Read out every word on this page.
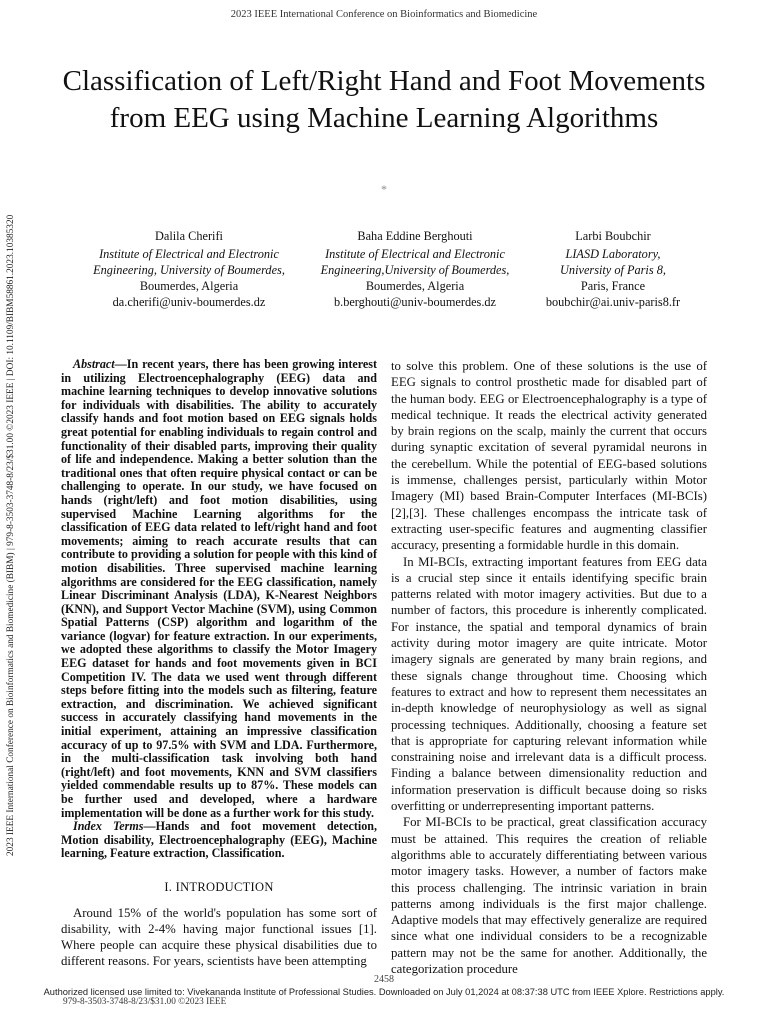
2023 IEEE International Conference on Bioinformatics and Biomedicine
2023 IEEE International Conference on Bioinformatics and Biomedicine (BIBM) | 979-8-3503-3748-8/23/$31.00 ©2023 IEEE | DOI: 10.1109/BIBM58861.2023.10385320
Classification of Left/Right Hand and Foot Movements from EEG using Machine Learning Algorithms
*
Dalila Cherifi
Institute of Electrical and Electronic
Engineering, University of Boumerdes,
Boumerdes, Algeria
da.cherifi@univ-boumerdes.dz
Baha Eddine Berghouti
Institute of Electrical and Electronic
Engineering,University of Boumerdes,
Boumerdes, Algeria
b.berghouti@univ-boumerdes.dz
Larbi Boubchir
LIASD Laboratory,
University of Paris 8,
Paris, France
boubchir@ai.univ-paris8.fr

Abstract—In recent years, there has been growing interest in utilizing Electroencephalography (EEG) data and machine learning techniques to develop innovative solutions for individuals with disabilities. The ability to accurately classify hands and foot motion based on EEG signals holds great potential for enabling individuals to regain control and functionality of their disabled parts, improving their quality of life and independence. Making a better solution than the traditional ones that often require physical contact or can be challenging to operate. In our study, we have focused on hands (right/left) and foot motion disabilities, using supervised Machine Learning algorithms for the classification of EEG data related to left/right hand and foot movements; aiming to reach accurate results that can contribute to providing a solution for people with this kind of motion disabilities. Three supervised machine learning algorithms are considered for the EEG classification, namely Linear Discriminant Analysis (LDA), K-Nearest Neighbors (KNN), and Support Vector Machine (SVM), using Common Spatial Patterns (CSP) algorithm and logarithm of the variance (logvar) for feature extraction. In our experiments, we adopted these algorithms to classify the Motor Imagery EEG dataset for hands and foot movements given in BCI Competition IV. The data we used went through different steps before fitting into the models such as filtering, feature extraction, and discrimination. We achieved significant success in accurately classifying hand movements in the initial experiment, attaining an impressive classification accuracy of up to 97.5% with SVM and LDA. Furthermore, in the multi-classification task involving both hand (right/left) and foot movements, KNN and SVM classifiers yielded commendable results up to 87%. These models can be further used and developed, where a hardware implementation will be done as a further work for this study.

Index Terms—Hands and foot movement detection, Motion disability, Electroencephalography (EEG), Machine learning, Feature extraction, Classification.

I. INTRODUCTION

Around 15% of the world's population has some sort of disability, with 2-4% having major functional issues [1]. Where people can acquire these physical disabilities due to different reasons. For years, scientists have been attempting

to solve this problem. One of these solutions is the use of EEG signals to control prosthetic made for disabled part of the human body. EEG or Electroencephalography is a type of medical technique. It reads the electrical activity generated by brain regions on the scalp, mainly the current that occurs during synaptic excitation of several pyramidal neurons in the cerebellum. While the potential of EEG-based solutions is immense, challenges persist, particularly within Motor Imagery (MI) based Brain-Computer Interfaces (MI-BCIs) [2],[3]. These challenges encompass the intricate task of extracting user-specific features and augmenting classifier accuracy, presenting a formidable hurdle in this domain.

In MI-BCIs, extracting important features from EEG data is a crucial step since it entails identifying specific brain patterns related with motor imagery activities. But due to a number of factors, this procedure is inherently complicated. For instance, the spatial and temporal dynamics of brain activity during motor imagery are quite intricate. Motor imagery signals are generated by many brain regions, and these signals change throughout time. Choosing which features to extract and how to represent them necessitates an in-depth knowledge of neurophysiology as well as signal processing techniques. Additionally, choosing a feature set that is appropriate for capturing relevant information while constraining noise and irrelevant data is a difficult process. Finding a balance between dimensionality reduction and information preservation is difficult because doing so risks overfitting or underrepresenting important patterns.

For MI-BCIs to be practical, great classification accuracy must be attained. This requires the creation of reliable algorithms able to accurately differentiating between various motor imagery tasks. However, a number of factors make this process challenging. The intrinsic variation in brain patterns among individuals is the first major challenge. Adaptive models that may effectively generalize are required since what one individual considers to be a recognizable pattern may not be the same for another. Additionally, the categorization procedure

2458
Authorized licensed use limited to: Vivekananda Institute of Professional Studies. Downloaded on July 01,2024 at 08:37:38 UTC from IEEE Xplore. Restrictions apply.
979-8-3503-3748-8/23/$31.00 ©2023 IEEE
